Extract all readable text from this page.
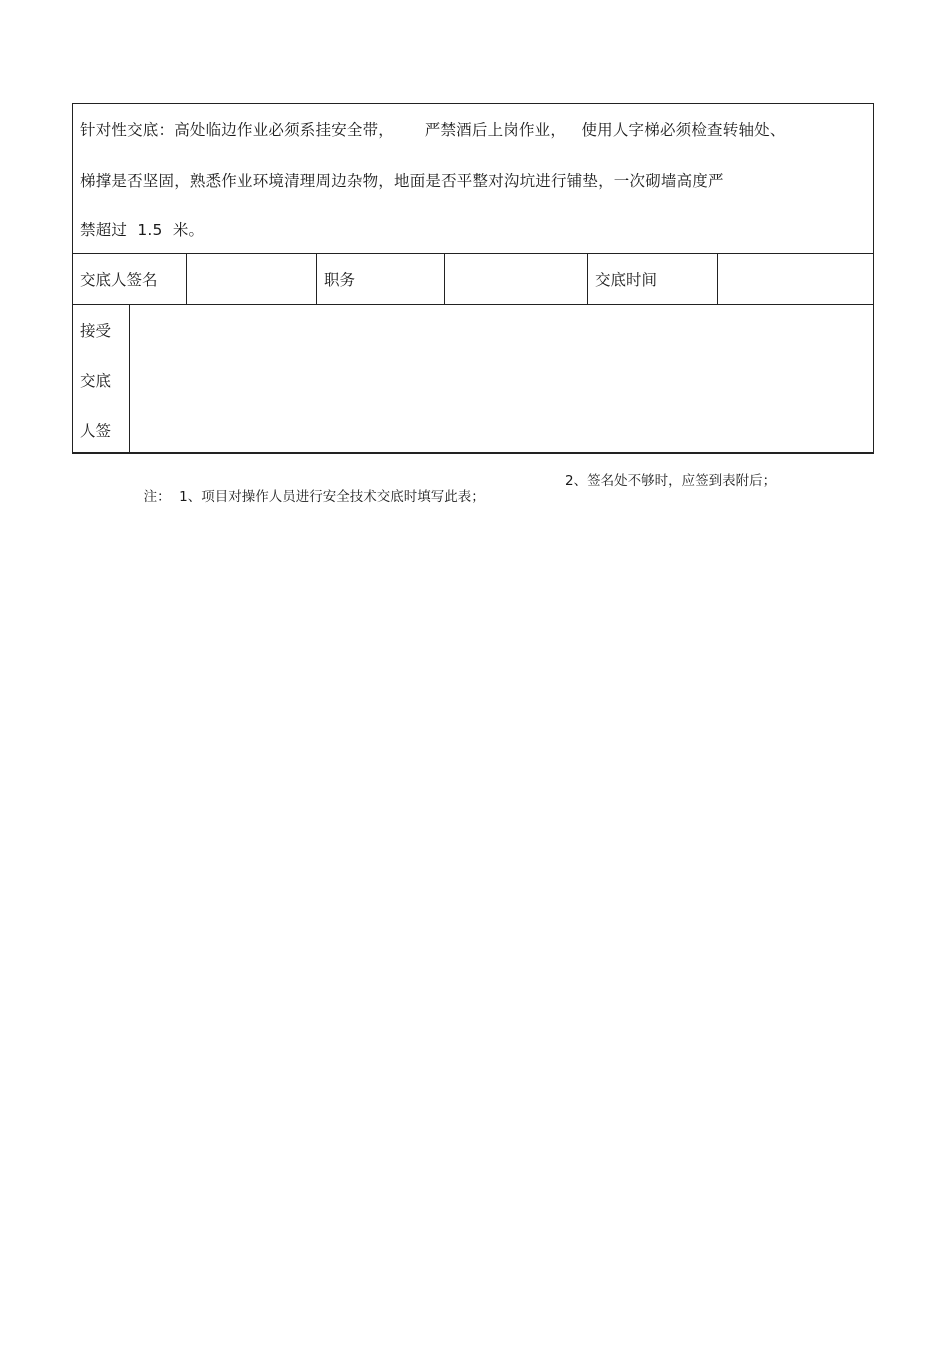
针对性交底：高处临边作业必须系挂安全带，      严禁酒后上岗作业，   使用人字梯必须检查转轴处、
梯撑是否坚固，熟悉作业环境清理周边杂物，地面是否平整对沟坑进行铺垫，一次砌墙高度严
禁超过  1.5  米。
交底人签名	职务	交底时间
接受
交底
人签

注：  1、项目对操作人员进行安全技术交底时填写此表；

2、签名处不够时，应签到表附后；
